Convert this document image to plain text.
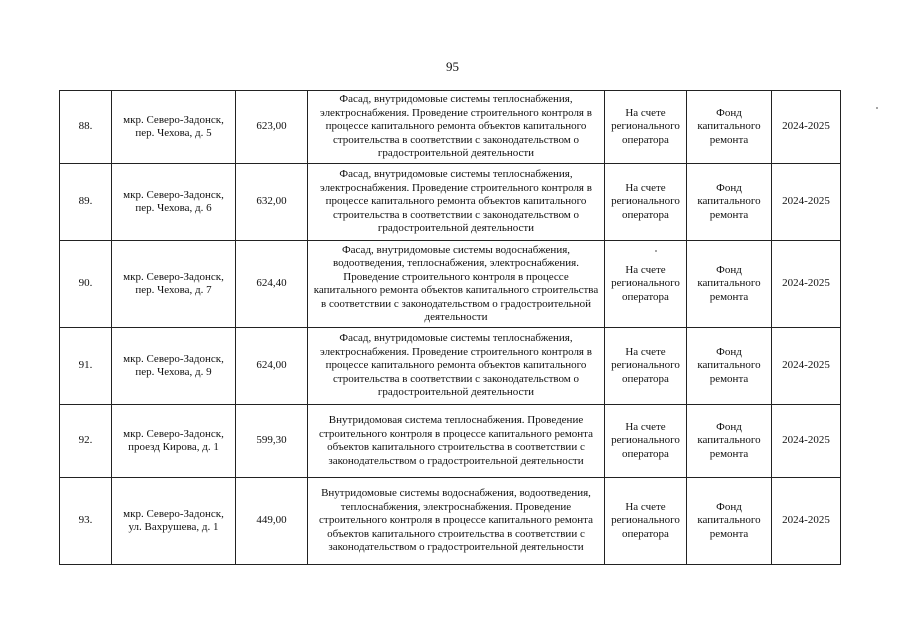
95
88.	мкр. Северо-Задонск,
пер. Чехова, д. 5	623,00	Фасад, внутридомовые системы теплоснабжения, электроснабжения. Проведение строительного контроля в процессе капитального ремонта объектов капитального строительства в соответствии с законодательством о градостроительной деятельности	На счете регионального оператора	Фонд капитального ремонта	2024-2025
89.	мкр. Северо-Задонск,
пер. Чехова, д. 6	632,00	Фасад, внутридомовые системы теплоснабжения, электроснабжения. Проведение строительного контроля в процессе капитального ремонта объектов капитального строительства в соответствии с законодательством о градостроительной деятельности	На счете регионального оператора	Фонд капитального ремонта	2024-2025
90.	мкр. Северо-Задонск,
пер. Чехова, д. 7	624,40	Фасад, внутридомовые системы водоснабжения, водоотведения, теплоснабжения, электроснабжения. Проведение строительного контроля в процессе капитального ремонта объектов капитального строительства в соответствии с законодательством о градостроительной деятельности	На счете регионального оператора	Фонд капитального ремонта	2024-2025
91.	мкр. Северо-Задонск,
пер. Чехова, д. 9	624,00	Фасад, внутридомовые системы теплоснабжения, электроснабжения. Проведение строительного контроля в процессе капитального ремонта объектов капитального строительства в соответствии с законодательством о градостроительной деятельности	На счете регионального оператора	Фонд капитального ремонта	2024-2025
92.	мкр. Северо-Задонск,
проезд Кирова, д. 1	599,30	Внутридомовая система теплоснабжения. Проведение строительного контроля в процессе капитального ремонта объектов капитального строительства в соответствии с законодательством о градостроительной деятельности	На счете регионального оператора	Фонд капитального ремонта	2024-2025
93.	мкр. Северо-Задонск,
ул. Вахрушева, д. 1	449,00	Внутридомовые системы водоснабжения, водоотведения, теплоснабжения, электроснабжения. Проведение строительного контроля в процессе капитального ремонта объектов капитального строительства в соответствии с законодательством о градостроительной деятельности	На счете регионального оператора	Фонд капитального ремонта	2024-2025
